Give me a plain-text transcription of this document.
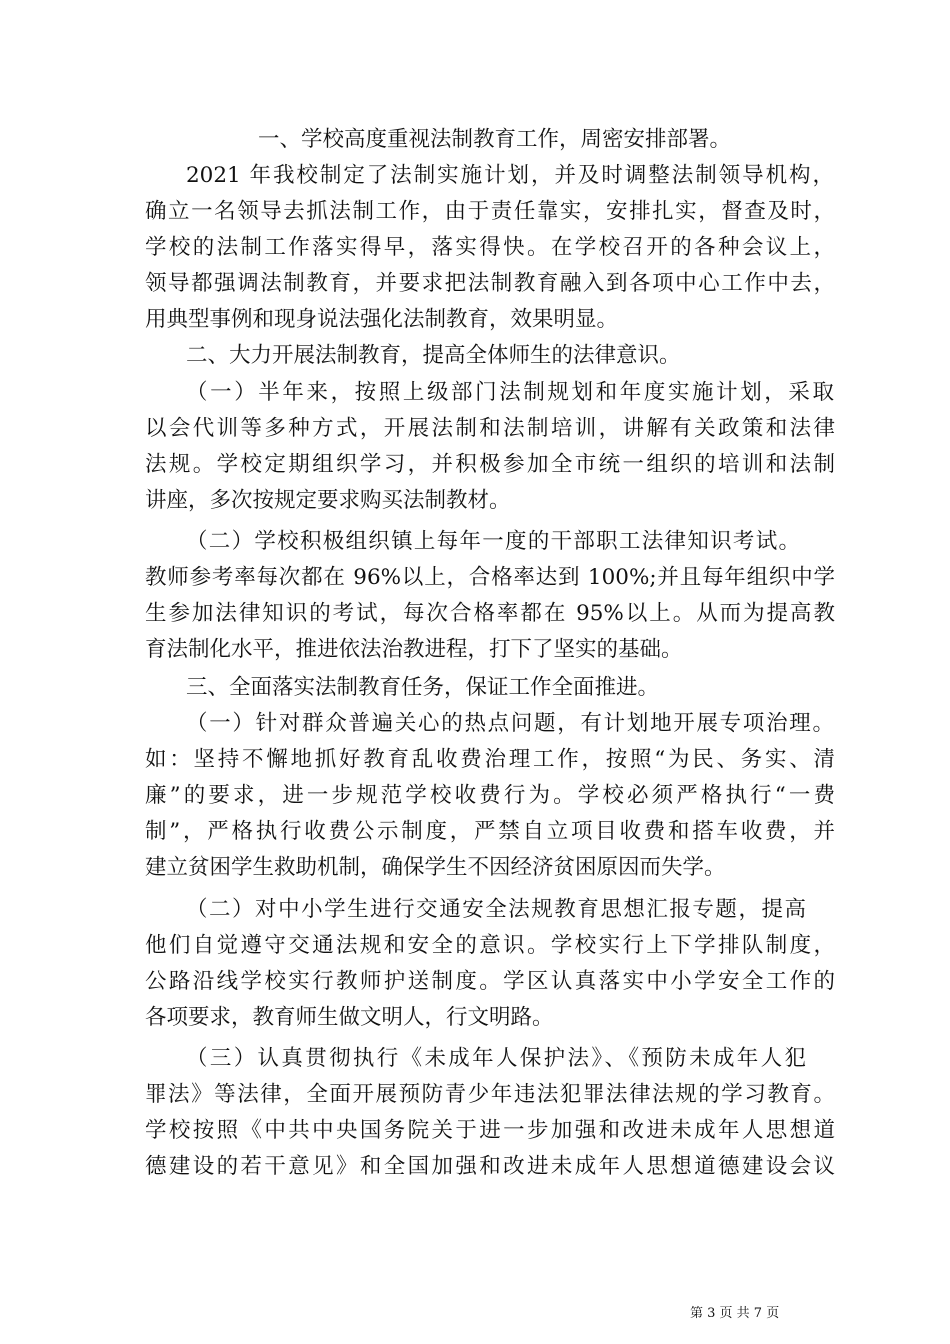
一、学校高度重视法制教育工作，周密安排部署。
2021 年我校制定了法制实施计划，并及时调整法制领导机构，
确立一名领导去抓法制工作，由于责任靠实，安排扎实，督查及时，
学校的法制工作落实得早，落实得快。在学校召开的各种会议上，
领导都强调法制教育，并要求把法制教育融入到各项中心工作中去，
用典型事例和现身说法强化法制教育，效果明显。
二、大力开展法制教育，提高全体师生的法律意识。
（一）半年来，按照上级部门法制规划和年度实施计划，采取
以会代训等多种方式，开展法制和法制培训，讲解有关政策和法律
法规。学校定期组织学习，并积极参加全市统一组织的培训和法制
讲座，多次按规定要求购买法制教材。
（二）学校积极组织镇上每年一度的干部职工法律知识考试。
教师参考率每次都在 96%以上，合格率达到 100%;并且每年组织中学
生参加法律知识的考试，每次合格率都在 95%以上。从而为提高教
育法制化水平，推进依法治教进程，打下了坚实的基础。
三、全面落实法制教育任务，保证工作全面推进。
（一）针对群众普遍关心的热点问题，有计划地开展专项治理。
如：坚持不懈地抓好教育乱收费治理工作，按照“为民、务实、清
廉”的要求，进一步规范学校收费行为。学校必须严格执行“一费
制”，严格执行收费公示制度，严禁自立项目收费和搭车收费，并
建立贫困学生救助机制，确保学生不因经济贫困原因而失学。
（二）对中小学生进行交通安全法规教育思想汇报专题，提高
他们自觉遵守交通法规和安全的意识。学校实行上下学排队制度，
公路沿线学校实行教师护送制度。学区认真落实中小学安全工作的
各项要求，教育师生做文明人，行文明路。
（三）认真贯彻执行《未成年人保护法》、《预防未成年人犯
罪法》等法律，全面开展预防青少年违法犯罪法律法规的学习教育。
学校按照《中共中央国务院关于进一步加强和改进未成年人思想道
德建设的若干意见》和全国加强和改进未成年人思想道德建设会议
第 3 页 共 7 页
